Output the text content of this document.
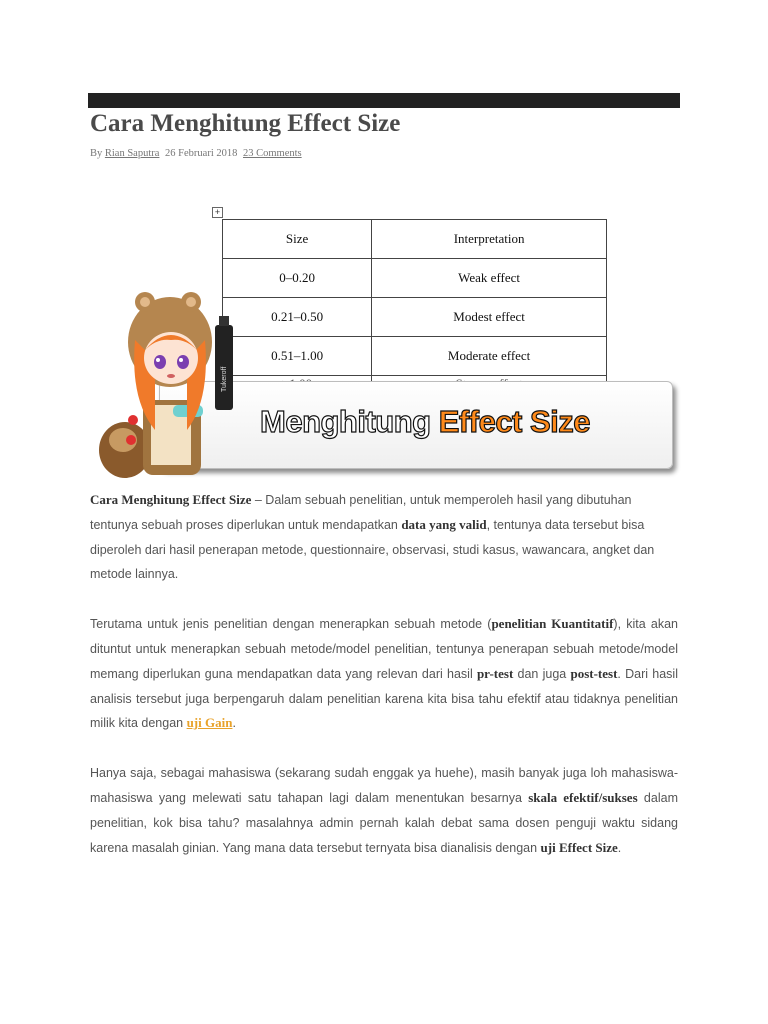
Cara Menghitung Effect Size
By Rian Saputra 26 Februari 2018 23 Comments
+
Size	Interpretation
0–0.20	Weak effect
0.21–0.50	Modest effect
0.51–1.00	Moderate effect

Menghitung Effect Size
Tukeroff

Cara Menghitung Effect Size – Dalam sebuah penelitian, untuk memperoleh hasil yang dibutuhan tentunya sebuah proses diperlukan untuk mendapatkan data yang valid, tentunya data tersebut bisa diperoleh dari hasil penerapan metode, questionnaire, observasi, studi kasus, wawancara, angket dan metode lainnya.

Terutama untuk jenis penelitian dengan menerapkan sebuah metode (penelitian Kuantitatif), kita akan dituntut untuk menerapkan sebuah metode/model penelitian, tentunya penerapan sebuah metode/model memang diperlukan guna mendapatkan data yang relevan dari hasil pr-test dan juga post-test. Dari hasil analisis tersebut juga berpengaruh dalam penelitian karena kita bisa tahu efektif atau tidaknya penelitian milik kita dengan uji Gain.

Hanya saja, sebagai mahasiswa (sekarang sudah enggak ya huehe), masih banyak juga loh mahasiswa-mahasiswa yang melewati satu tahapan lagi dalam menentukan besarnya skala efektif/sukses dalam penelitian, kok bisa tahu? masalahnya admin pernah kalah debat sama dosen penguji waktu sidang karena masalah ginian. Yang mana data tersebut ternyata bisa dianalisis dengan uji Effect Size.
